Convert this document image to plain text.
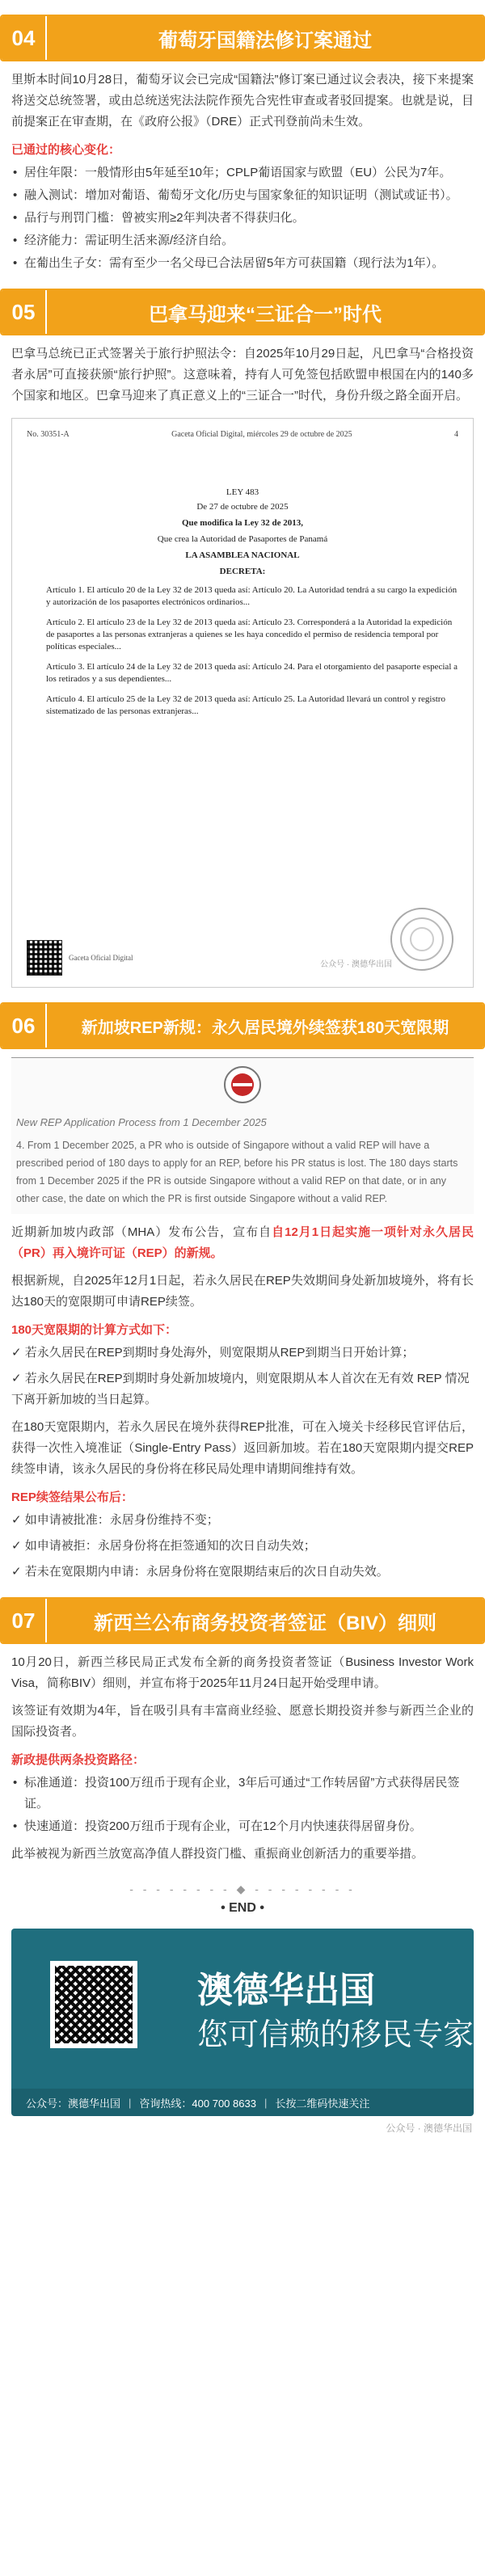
04	葡萄牙国籍法修订案通过
里斯本时间10月28日，葡萄牙议会已完成“国籍法”修订案已通过议会表决，接下来提案将送交总统签署，或由总统送宪法法院作预先合宪性审查或者驳回提案。也就是说，目前提案正在审查期，在《政府公报》（DRE）正式刊登前尚未生效。
已通过的核心变化：
• 居住年限：一般情形由5年延至10年；CPLP葡语国家与欧盟（EU）公民为7年。
• 融入测试：增加对葡语、葡萄牙文化/历史与国家象征的知识证明（测试或证书）。
• 品行与刑罚门槛：曾被实刑≥2年判决者不得获归化。
• 经济能力：需证明生活来源/经济自给。
• 在葡出生子女：需有至少一名父母已合法居留5年方可获国籍（现行法为1年）。
05	巴拿马迎来“三证合一”时代
巴拿马总统已正式签署关于旅行护照法令：自2025年10月29日起，凡巴拿马“合格投资者永居”可直接获颁“旅行护照”。这意味着，持有人可免签包括欧盟申根国在内的140多个国家和地区。巴拿马迎来了真正意义上的“三证合一”时代，身份升级之路全面开启。
No. 30351-A	Gaceta Oficial Digital, miércoles 29 de octubre de 2025	4
LEY 483
De 27 de octubre de 2025
Que modifica la Ley 32 de 2013,
Que crea la Autoridad de Pasaportes de Panamá
LA ASAMBLEA NACIONAL
DECRETA:
Artículo 1. El artículo 20 de la Ley 32 de 2013 queda así: Artículo 20. La Autoridad tendrá a su cargo la expedición y autorización de los pasaportes electrónicos ordinarios...
Artículo 2. El artículo 23 de la Ley 32 de 2013 queda así: Artículo 23. Corresponderá a la Autoridad la expedición de pasaportes a las personas extranjeras a quienes se les haya concedido el permiso de residencia temporal por políticas especiales...
Artículo 3. El artículo 24 de la Ley 32 de 2013 queda así: Artículo 24. Para el otorgamiento del pasaporte especial a los retirados y a sus dependientes...
Artículo 4. El artículo 25 de la Ley 32 de 2013 queda así: Artículo 25. La Autoridad llevará un control y registro sistematizado de las personas extranjeras...
Gaceta Oficial Digital
公众号 · 澳德华出国
06	新加坡REP新规：永久居民境外续签获180天宽限期
New REP Application Process from 1 December 2025
4. From 1 December 2025, a PR who is outside of Singapore without a valid REP will have a prescribed period of 180 days to apply for an REP, before his PR status is lost. The 180 days starts from 1 December 2025 if the PR is outside Singapore without a valid REP on that date, or in any other case, the date on which the PR is first outside Singapore without a valid REP.
近期新加坡内政部（MHA）发布公告，宣布自自12月1日起实施一项针对永久居民（PR）再入境许可证（REP）的新规。
根据新规，自2025年12月1日起，若永久居民在REP失效期间身处新加坡境外，将有长达180天的宽限期可申请REP续签。
180天宽限期的计算方式如下：
✓ 若永久居民在REP到期时身处海外，则宽限期从REP到期当日开始计算；
✓ 若永久居民在REP到期时身处新加坡境内，则宽限期从本人首次在无有效 REP 情况下离开新加坡的当日起算。
在180天宽限期内，若永久居民在境外获得REP批准，可在入境关卡经移民官评估后，获得一次性入境准证（Single-Entry Pass）返回新加坡。若在180天宽限期内提交REP续签申请，该永久居民的身份将在移民局处理申请期间维持有效。
REP续签结果公布后：
✓ 如申请被批准：永居身份维持不变；
✓ 如申请被拒：永居身份将在拒签通知的次日自动失效；
✓ 若未在宽限期内申请：永居身份将在宽限期结束后的次日自动失效。
07	新西兰公布商务投资者签证（BIV）细则
10月20日，新西兰移民局正式发布全新的商务投资者签证（Business Investor Work Visa，简称BIV）细则，并宣布将于2025年11月24日起开始受理申请。
该签证有效期为4年，旨在吸引具有丰富商业经验、愿意长期投资并参与新西兰企业的国际投资者。
新政提供两条投资路径：
• 标准通道：投资100万纽币于现有企业，3年后可通过“工作转居留”方式获得居民签证。
• 快速通道：投资200万纽币于现有企业，可在12个月内快速获得居留身份。
此举被视为新西兰放宽高净值人群投资门槛、重振商业创新活力的重要举措。
- - - - - - - - ◆ - - - - - - - -
• END •
澳德华出国
您可信赖的移民专家
公众号：澳德华出国 | 咨询热线：400 700 8633 | 长按二维码快速关注
公众号 · 澳德华出国
